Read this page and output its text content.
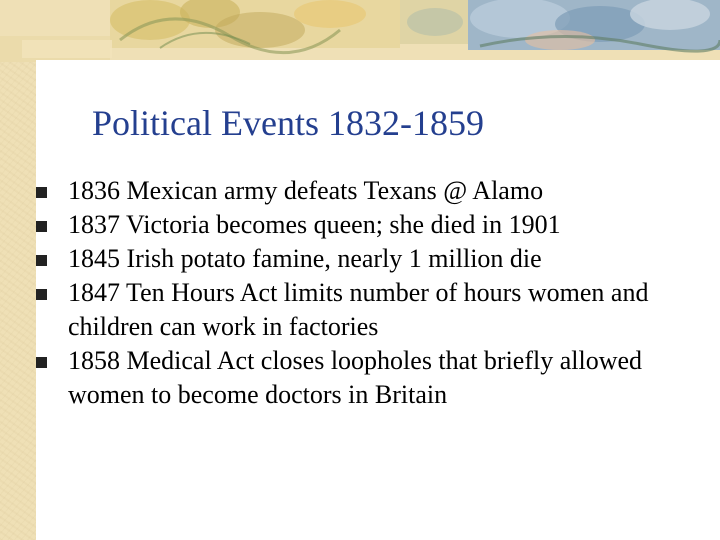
Political Events 1832-1859
1836 Mexican army defeats Texans @ Alamo
1837 Victoria becomes queen; she died in 1901
1845 Irish potato famine, nearly 1 million die
1847 Ten Hours Act limits number of hours women and children can work in factories
1858 Medical Act closes loopholes that briefly allowed women to become doctors in Britain
